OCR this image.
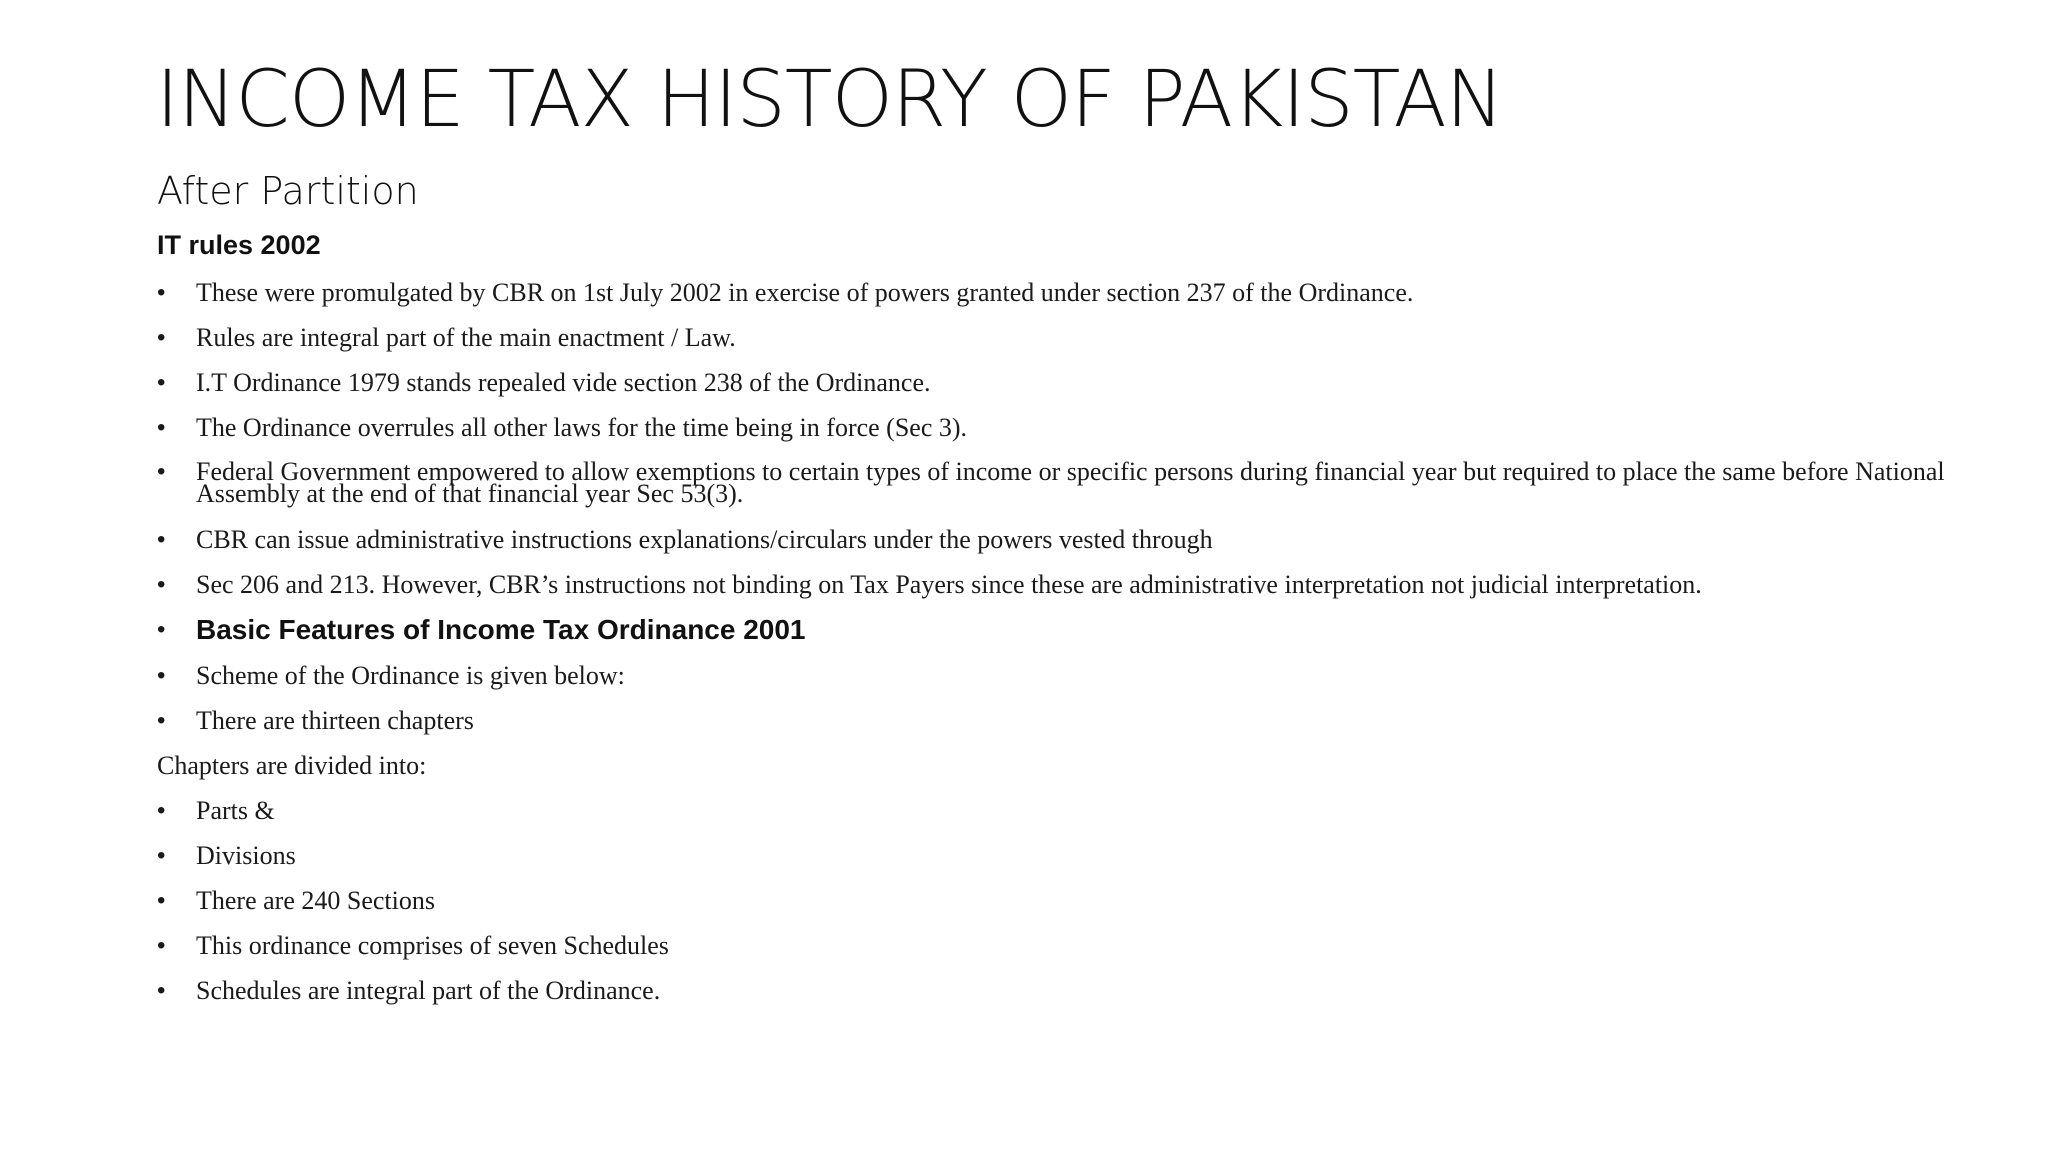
INCOME TAX HISTORY OF PAKISTAN
After Partition
IT rules 2002
• These were promulgated by CBR on 1st July 2002 in exercise of powers granted under section 237 of the Ordinance.
• Rules are integral part of the main enactment / Law.
• I.T Ordinance 1979 stands repealed vide section 238 of the Ordinance.
• The Ordinance overrules all other laws for the time being in force (Sec 3).
• Federal Government empowered to allow exemptions to certain types of income or specific persons during financial year but required to place the same before National Assembly at the end of that financial year Sec 53(3).
• CBR can issue administrative instructions explanations/circulars under the powers vested through
• Sec 206 and 213. However, CBR’s instructions not binding on Tax Payers since these are administrative interpretation not judicial interpretation.
• Basic Features of Income Tax Ordinance 2001
• Scheme of the Ordinance is given below:
• There are thirteen chapters
Chapters are divided into:
• Parts &
• Divisions
• There are 240 Sections
• This ordinance comprises of seven Schedules
• Schedules are integral part of the Ordinance.
